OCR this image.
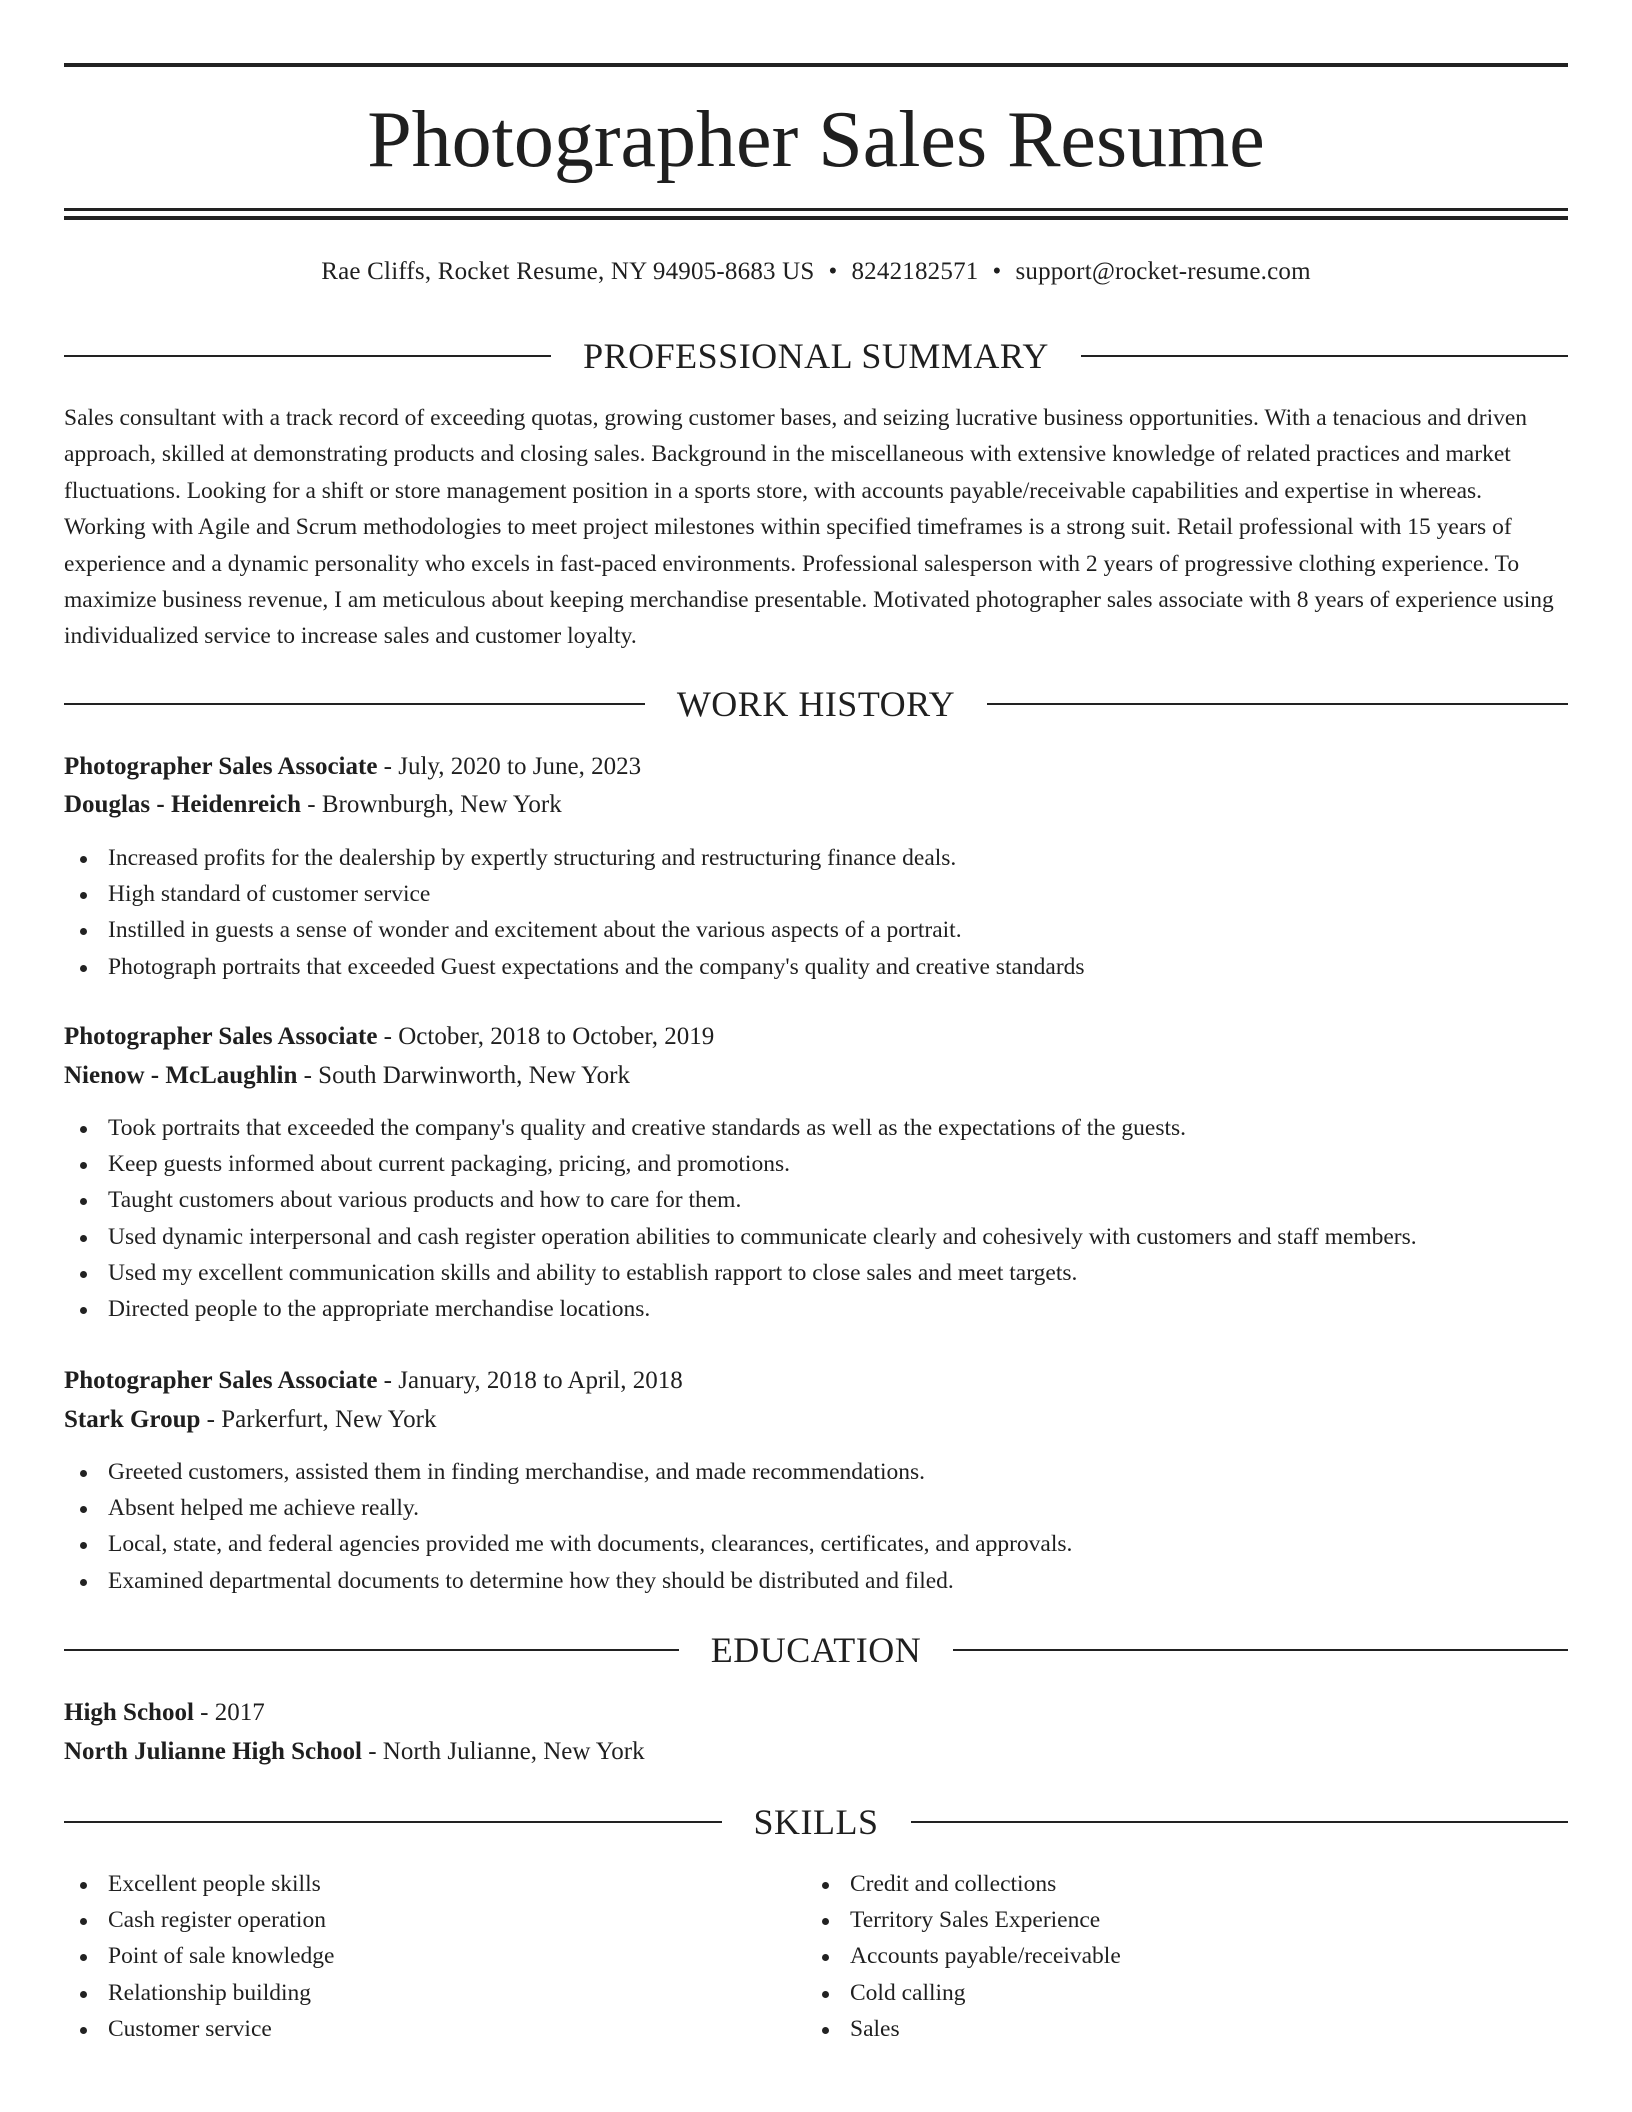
Photographer Sales Resume
Rae Cliffs, Rocket Resume, NY 94905-8683 US • 8242182571 • support@rocket-resume.com
PROFESSIONAL SUMMARY

Sales consultant with a track record of exceeding quotas, growing customer bases, and seizing lucrative business opportunities. With a tenacious and driven approach, skilled at demonstrating products and closing sales. Background in the miscellaneous with extensive knowledge of related practices and market fluctuations. Looking for a shift or store management position in a sports store, with accounts payable/receivable capabilities and expertise in whereas. Working with Agile and Scrum methodologies to meet project milestones within specified timeframes is a strong suit. Retail professional with 15 years of experience and a dynamic personality who excels in fast-paced environments. Professional salesperson with 2 years of progressive clothing experience. To maximize business revenue, I am meticulous about keeping merchandise presentable. Motivated photographer sales associate with 8 years of experience using individualized service to increase sales and customer loyalty.

WORK HISTORY
Photographer Sales Associate - July, 2020 to June, 2023
Douglas - Heidenreich - Brownburgh, New York
Increased profits for the dealership by expertly structuring and restructuring finance deals.
High standard of customer service
Instilled in guests a sense of wonder and excitement about the various aspects of a portrait.
Photograph portraits that exceeded Guest expectations and the company's quality and creative standards
Photographer Sales Associate - October, 2018 to October, 2019
Nienow - McLaughlin - South Darwinworth, New York
Took portraits that exceeded the company's quality and creative standards as well as the expectations of the guests.
Keep guests informed about current packaging, pricing, and promotions.
Taught customers about various products and how to care for them.
Used dynamic interpersonal and cash register operation abilities to communicate clearly and cohesively with customers and staff members.
Used my excellent communication skills and ability to establish rapport to close sales and meet targets.
Directed people to the appropriate merchandise locations.
Photographer Sales Associate - January, 2018 to April, 2018
Stark Group - Parkerfurt, New York
Greeted customers, assisted them in finding merchandise, and made recommendations.
Absent helped me achieve really.
Local, state, and federal agencies provided me with documents, clearances, certificates, and approvals.
Examined departmental documents to determine how they should be distributed and filed.
EDUCATION
High School - 2017
North Julianne High School - North Julianne, New York
SKILLS
Excellent people skills
Cash register operation
Point of sale knowledge
Relationship building
Customer service
Credit and collections
Territory Sales Experience
Accounts payable/receivable
Cold calling
Sales
